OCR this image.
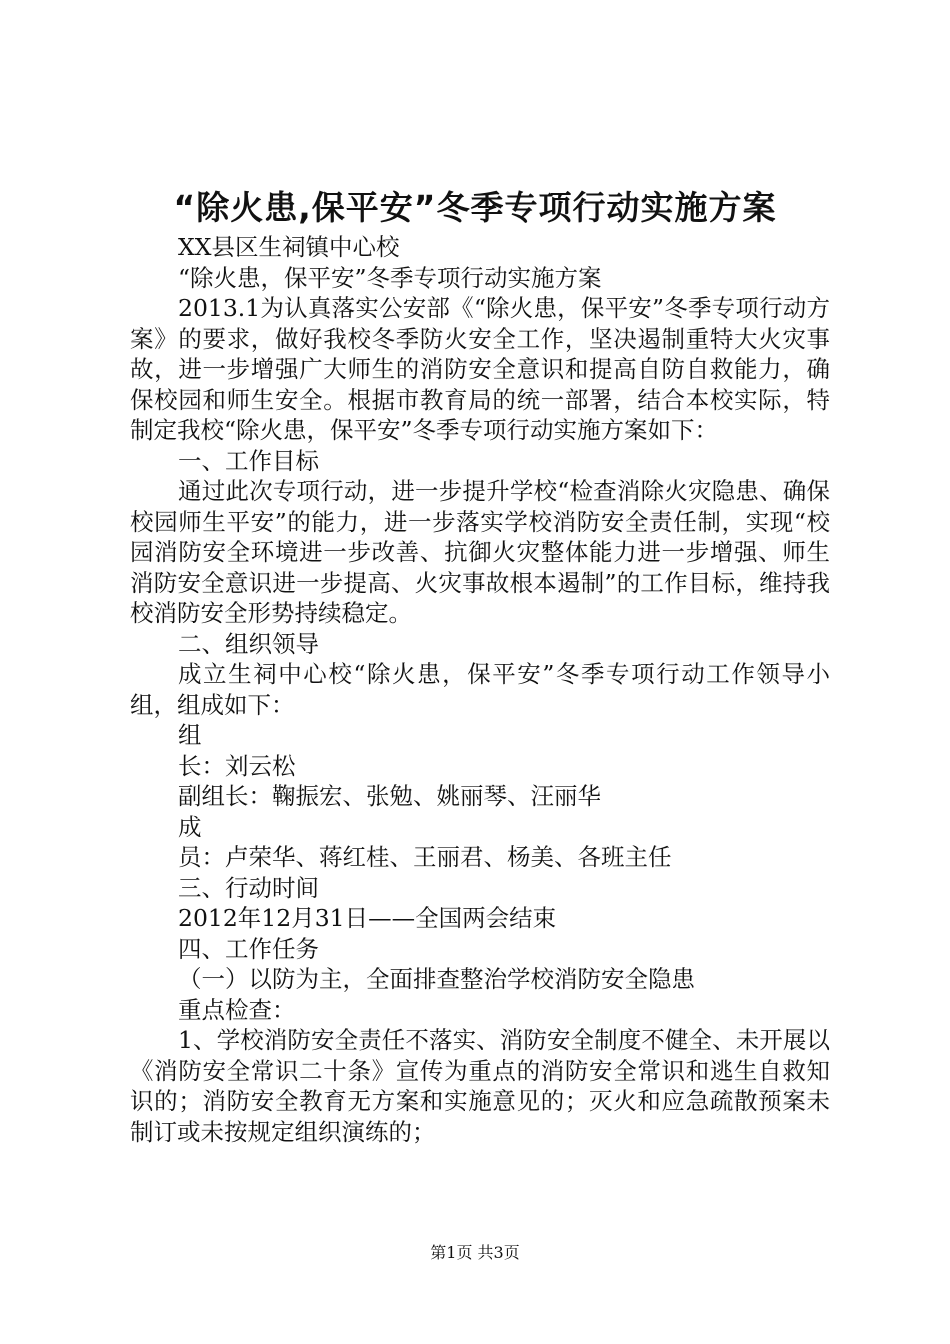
“除火患,保平安”冬季专项行动实施方案

XX县区生祠镇中心校

“除火患，保平安”冬季专项行动实施方案

2013.1为认真落实公安部《“除火患，保平安”冬季专项行动方案》的要求，做好我校冬季防火安全工作，坚决遏制重特大火灾事故，进一步增强广大师生的消防安全意识和提高自防自救能力，确保校园和师生安全。根据市教育局的统一部署，结合本校实际，特制定我校“除火患，保平安”冬季专项行动实施方案如下：

一、工作目标

通过此次专项行动，进一步提升学校“检查消除火灾隐患、确保校园师生平安”的能力，进一步落实学校消防安全责任制，实现“校园消防安全环境进一步改善、抗御火灾整体能力进一步增强、师生消防安全意识进一步提高、火灾事故根本遏制”的工作目标，维持我校消防安全形势持续稳定。

二、组织领导

成立生祠中心校“除火患，保平安”冬季专项行动工作领导小组，组成如下：

组

长：刘云松

副组长：鞠振宏、张勉、姚丽琴、汪丽华

成

员：卢荣华、蒋红桂、王丽君、杨美、各班主任

三、行动时间

2012年12月31日——全国两会结束

四、工作任务

（一）以防为主，全面排查整治学校消防安全隐患

重点检查：

1、学校消防安全责任不落实、消防安全制度不健全、未开展以《消防安全常识二十条》宣传为重点的消防安全常识和逃生自救知识的；消防安全教育无方案和实施意见的；灭火和应急疏散预案未制订或未按规定组织演练的；

第1页 共3页
